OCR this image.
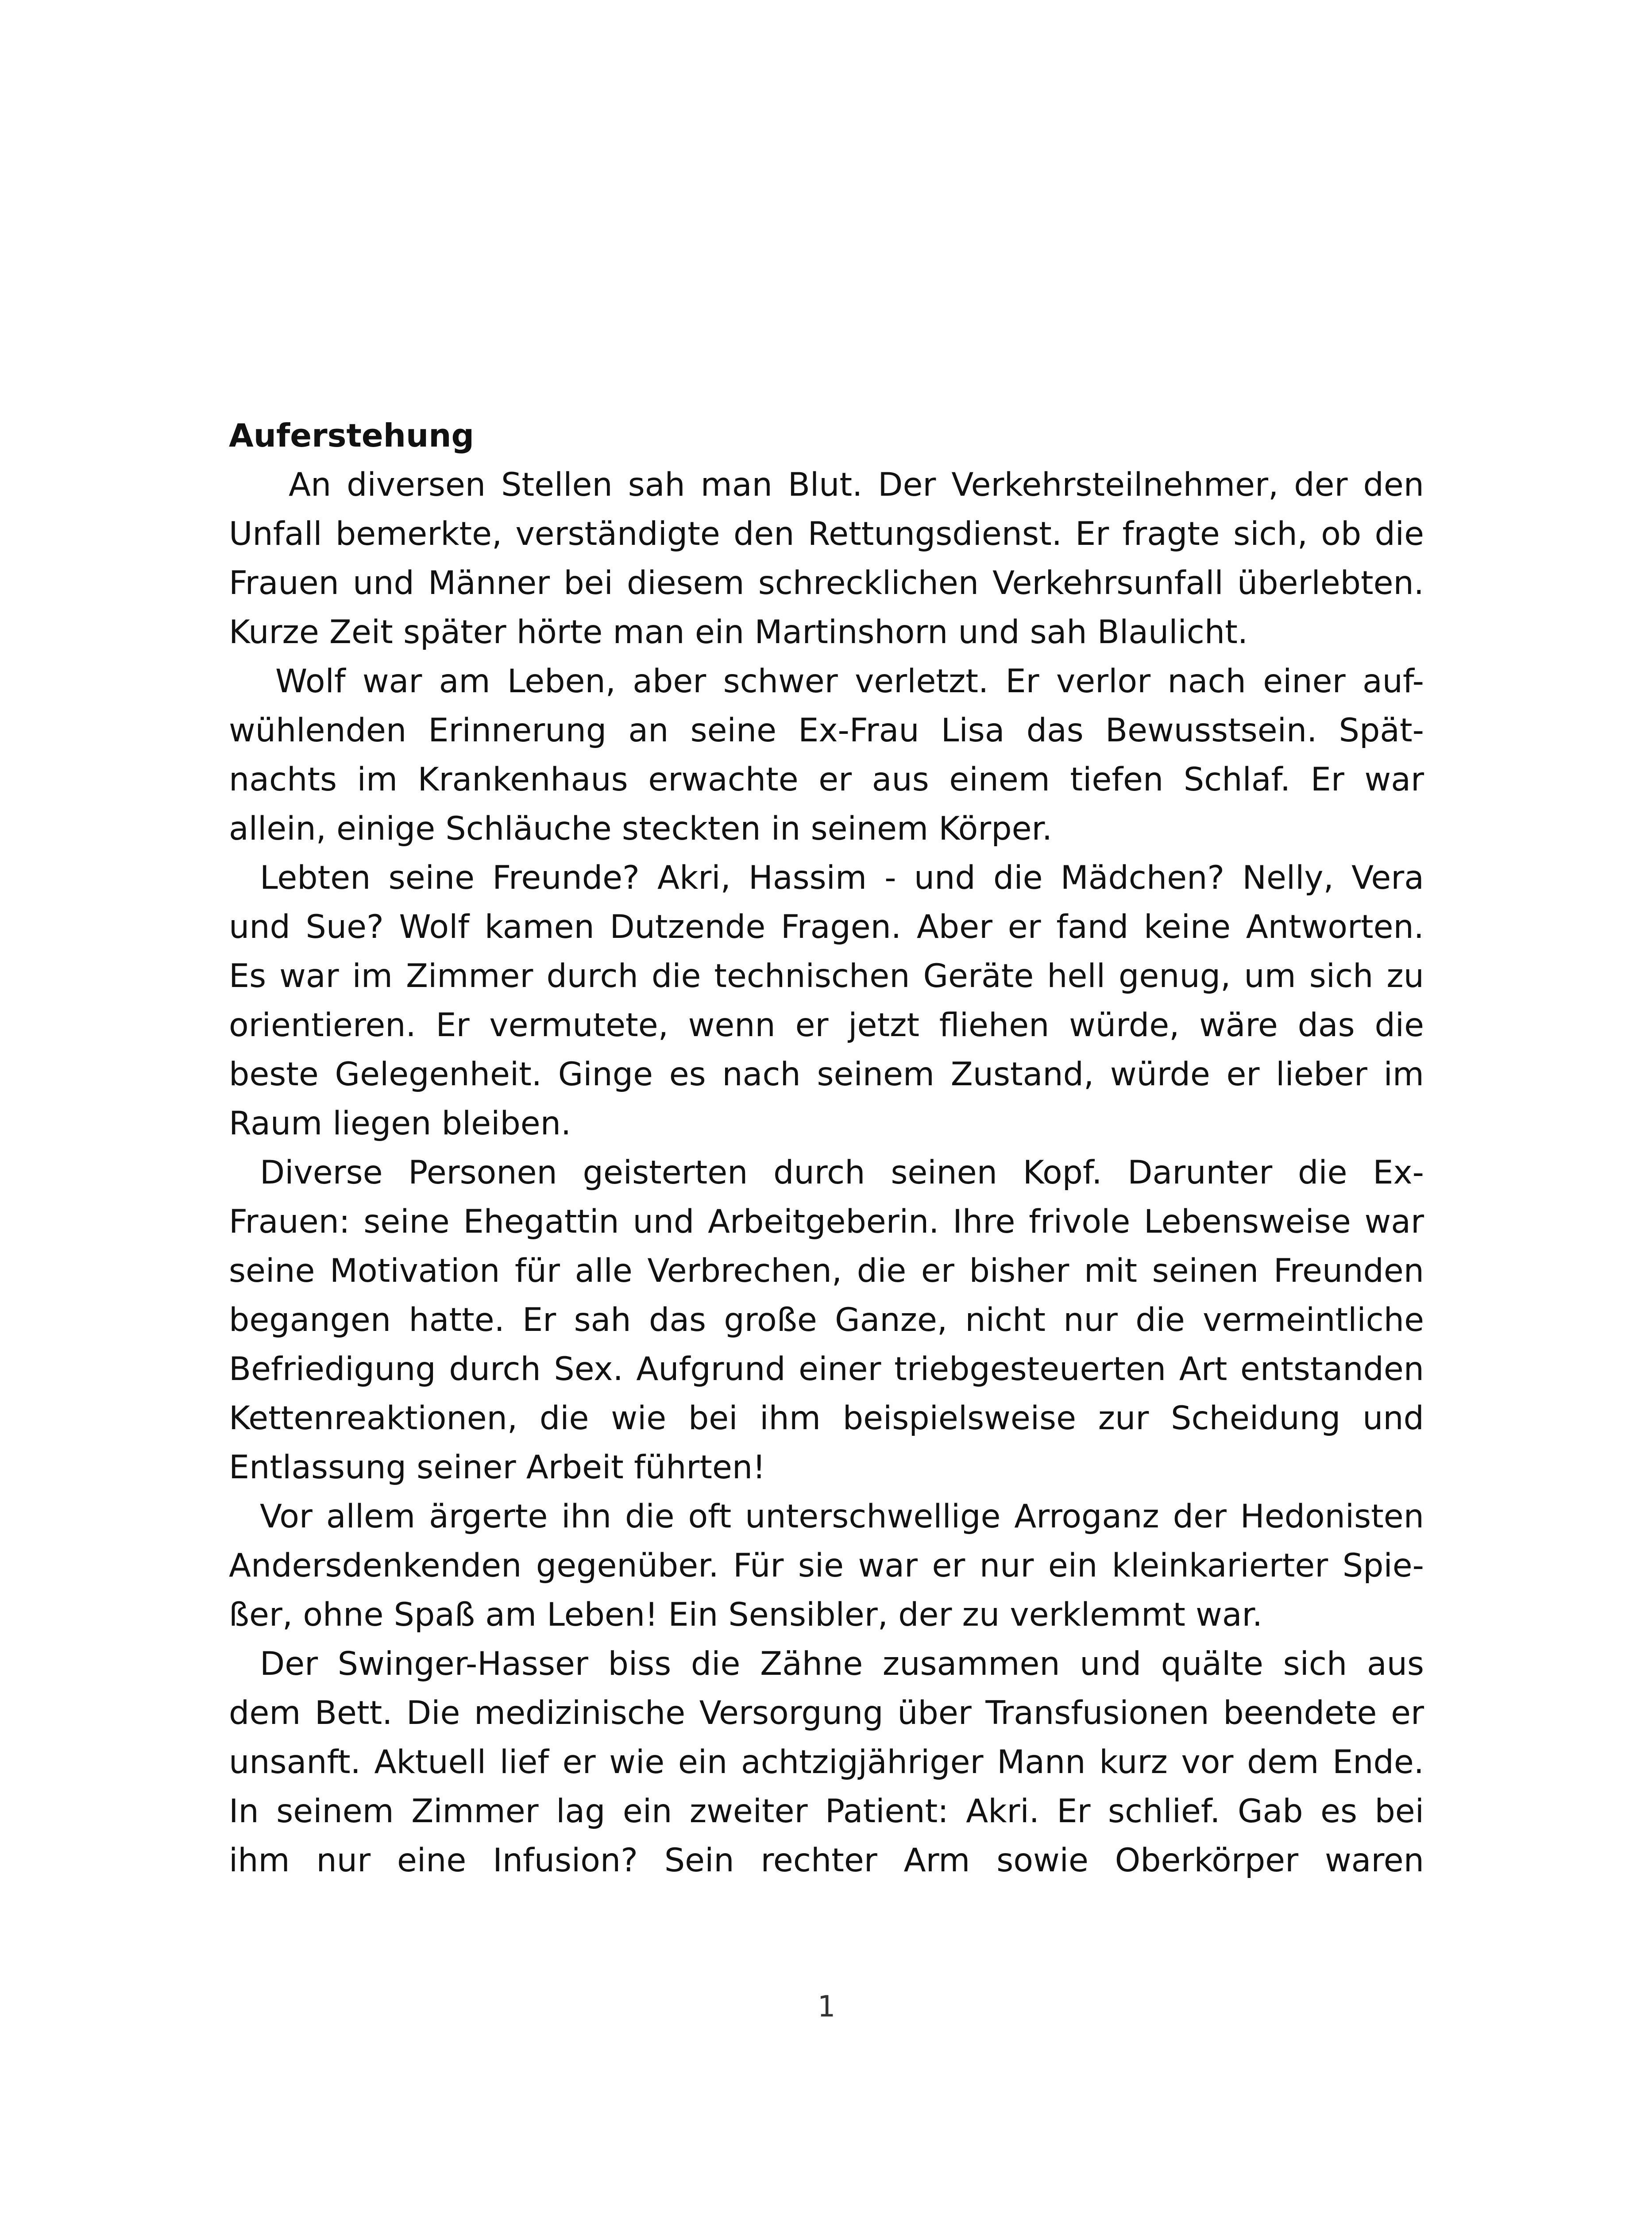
Auferstehung
An diversen Stellen sah man Blut. Der Verkehrsteilnehmer, der den
Unfall bemerkte, verständigte den Rettungsdienst. Er fragte sich, ob die
Frauen und Männer bei diesem schrecklichen Verkehrsunfall überlebten.
Kurze Zeit später hörte man ein Martinshorn und sah Blaulicht.
Wolf war am Leben, aber schwer verletzt. Er verlor nach einer auf-
wühlenden Erinnerung an seine Ex-Frau Lisa das Bewusstsein. Spät-
nachts im Krankenhaus erwachte er aus einem tiefen Schlaf. Er war
allein, einige Schläuche steckten in seinem Körper.
Lebten seine Freunde? Akri, Hassim - und die Mädchen? Nelly, Vera
und Sue? Wolf kamen Dutzende Fragen. Aber er fand keine Antworten.
Es war im Zimmer durch die technischen Geräte hell genug, um sich zu
orientieren. Er vermutete, wenn er jetzt fliehen würde, wäre das die
beste Gelegenheit. Ginge es nach seinem Zustand, würde er lieber im
Raum liegen bleiben.
Diverse Personen geisterten durch seinen Kopf. Darunter die Ex-
Frauen: seine Ehegattin und Arbeitgeberin. Ihre frivole Lebensweise war
seine Motivation für alle Verbrechen, die er bisher mit seinen Freunden
begangen hatte. Er sah das große Ganze, nicht nur die vermeintliche
Befriedigung durch Sex. Aufgrund einer triebgesteuerten Art entstanden
Kettenreaktionen, die wie bei ihm beispielsweise zur Scheidung und
Entlassung seiner Arbeit führten!
Vor allem ärgerte ihn die oft unterschwellige Arroganz der Hedonisten
Andersdenkenden gegenüber. Für sie war er nur ein kleinkarierter Spie-
ßer, ohne Spaß am Leben! Ein Sensibler, der zu verklemmt war.
Der Swinger-Hasser biss die Zähne zusammen und quälte sich aus
dem Bett. Die medizinische Versorgung über Transfusionen beendete er
unsanft. Aktuell lief er wie ein achtzigjähriger Mann kurz vor dem Ende.
In seinem Zimmer lag ein zweiter Patient: Akri. Er schlief. Gab es bei
ihm nur eine Infusion? Sein rechter Arm sowie Oberkörper waren
1
